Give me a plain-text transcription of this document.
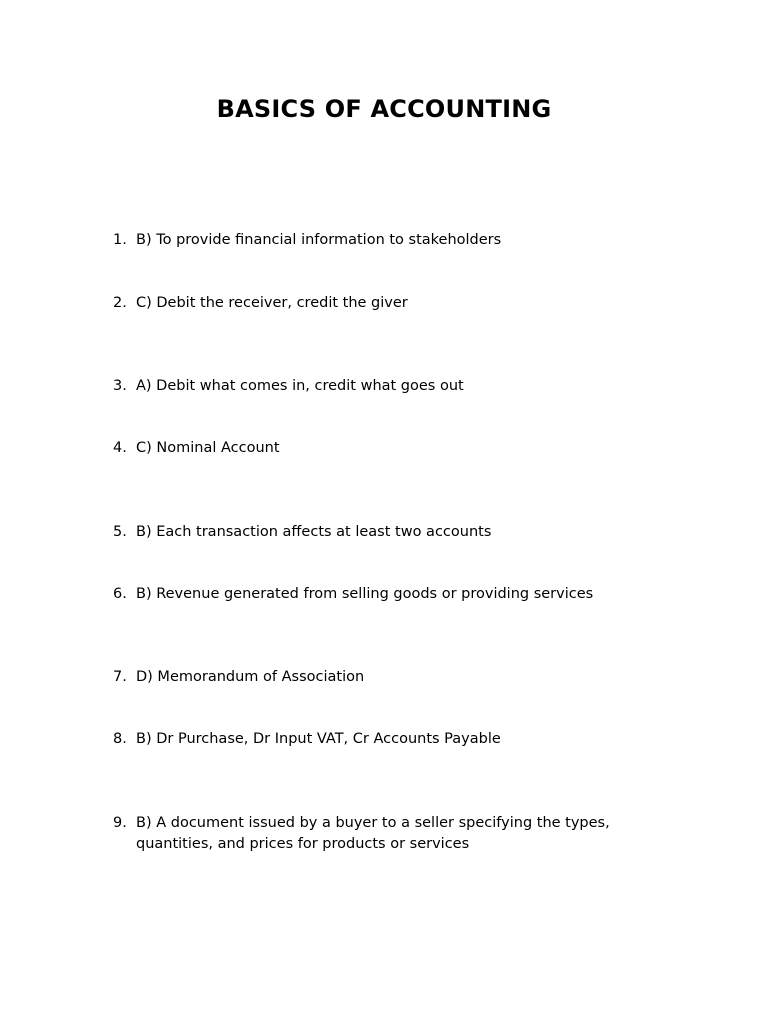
BASICS OF ACCOUNTING
1. B) To provide financial information to stakeholders
2. C) Debit the receiver, credit the giver
3. A) Debit what comes in, credit what goes out
4. C) Nominal Account
5. B) Each transaction affects at least two accounts
6. B) Revenue generated from selling goods or providing services
7. D) Memorandum of Association
8. B) Dr Purchase, Dr Input VAT, Cr Accounts Payable
9. B) A document issued by a buyer to a seller specifying the types, quantities, and prices for products or services
